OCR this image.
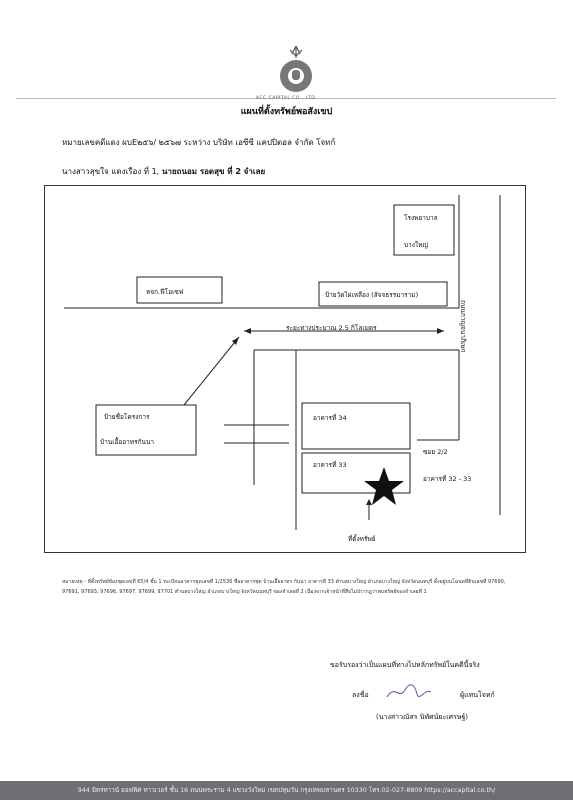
ACC CAPITAL CO., LTD.
แผนที่ตั้งทรัพย์พอสังเขป
หมายเลขคดีแดง ผบE๒๕๖/ ๒๕๖๗ ระหว่าง บริษัท เอซีซี แคปปิตอล จำกัด โจทก์
นางสาวสุขใจ แดงเรือง ที่ 1, นายถนอม รอดสุข ที่ 2 จำเลย
โรงพยาบาล
บางใหญ่
หจก.ฟีโอเซฟ	ป้ายวัดไผ่เหลือง (สัจจธรรมาราม)
ถนนกาญจนาภิเษก
ระยะทางประมาณ 2.5 กิโลเมตร
ป้ายชื่อโครงการ
บ้านเอื้ออาทรกันนา
อาคารที่ 34
อาคารที่ 33
ซอย 2/2
อาคารที่ 32 - 33
ที่ตั้งทรัพย์
หมายเหตุ - ที่ตั้งทรัพย์ห้องชุดเลขที่ 65/4 ชั้น 1 ทะเบียนอาคารชุดเลขที่ 1/2536 ชื่ออาคารชุด บ้านเอื้ออาทร กันนา อาคารที่ 33 ตำบลบางใหญ่ อำเภอบางใหญ่ จังหวัดนนทบุรี ตั้งอยู่บนโฉนดที่ดินเลขที่ 97690, 97691, 97693, 97696, 97697, 97699, 97701 ตำบลบางใหญ่ อำเภอบางใหญ่ จังหวัดนนทบุรี ของจำเลยที่ 2 เนื่องจากเจ้าหน้าที่สืบไม่ปรากฏว่าพบทรัพย์ของจำเลยที่ 1
ขอรับรองว่าเป็นแผนที่ทางไปหลักทรัพย์ในคดีนี้จริง
ลงชื่อ	ผู้แทนโจทก์
(นางสาวณัสร นิทัศน์ยะเศรษฐ์)
944 มิตรทาวน์ ออฟฟิศ ทาวเวอร์ ชั้น 16 ถนนพระราม 4 แขวงวังใหม่ เขตปทุมวัน กรุงเทพมหานคร 10330 โทร.02-027-8809 https://accapital.co.th/
